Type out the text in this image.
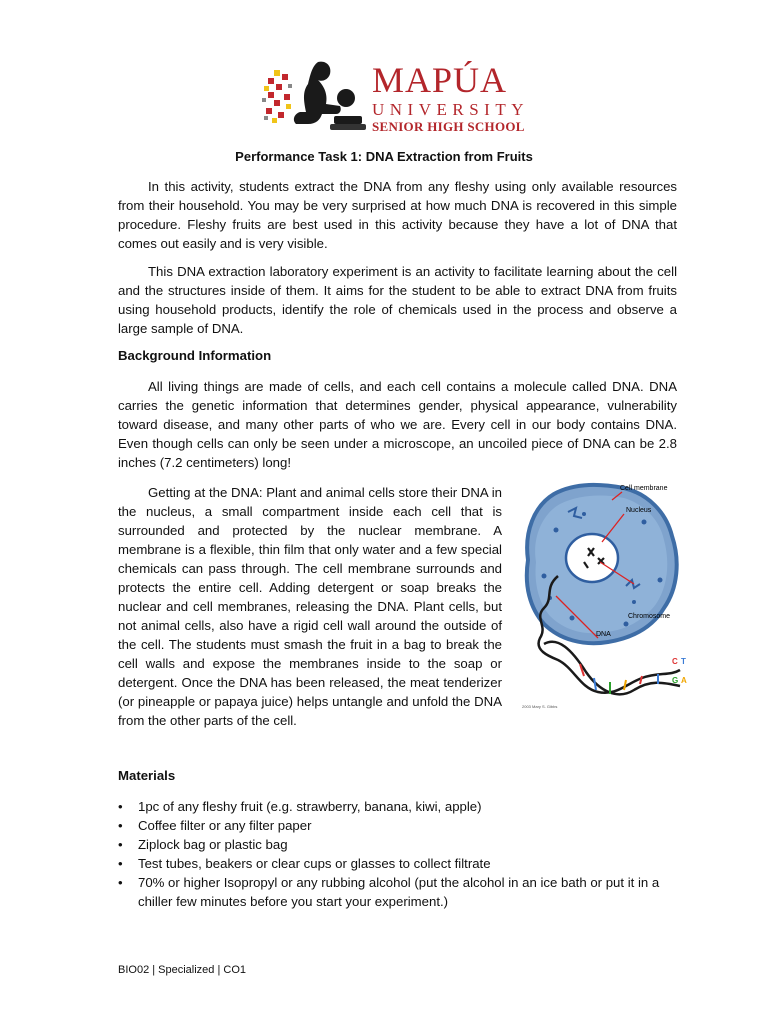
MAPÚA
UNIVERSITY
SENIOR HIGH SCHOOL
Performance Task 1: DNA Extraction from Fruits

In this activity, students extract the DNA from any fleshy using only available resources from their household. You may be very surprised at how much DNA is recovered in this simple procedure. Fleshy fruits are best used in this activity because they have a lot of DNA that comes out easily and is very visible.

This DNA extraction laboratory experiment is an activity to facilitate learning about the cell and the structures inside of them. It aims for the student to be able to extract DNA from fruits using household products, identify the role of chemicals used in the process and observe a large sample of DNA.

Background Information

All living things are made of cells, and each cell contains a molecule called DNA. DNA carries the genetic information that determines gender, physical appearance, vulnerability toward disease, and many other parts of who we are. Every cell in our body contains DNA. Even though cells can only be seen under a microscope, an uncoiled piece of DNA can be 2.8 inches (7.2 centimeters) long!

Getting at the DNA: Plant and animal cells store their DNA in the nucleus, a small compartment inside each cell that is surrounded and protected by the nuclear membrane. A membrane is a flexible, thin film that only water and a few special chemicals can pass through. The cell membrane surrounds and protects the entire cell. Adding detergent or soap breaks the nuclear and cell membranes, releasing the DNA. Plant cells, but not animal cells, also have a rigid cell wall around the outside of the cell. The students must smash the fruit in a bag to break the cell walls and expose the membranes inside to the soap or detergent. Once the DNA has been released, the meat tenderizer (or pineapple or papaya juice) helps untangle and unfold the DNA from the other parts of the cell.

Cell membrane
Nucleus
Chromosome
DNA
C T
G A
2003 Mary S. Gibbs
Materials
• 1pc of any fleshy fruit (e.g. strawberry, banana, kiwi, apple)
• Coffee filter or any filter paper
• Ziplock bag or plastic bag
• Test tubes, beakers or clear cups or glasses to collect filtrate
• 70% or higher Isopropyl or any rubbing alcohol (put the alcohol in an ice bath or put it in a chiller few minutes before you start your experiment.)
BIO02 | Specialized | CO1
